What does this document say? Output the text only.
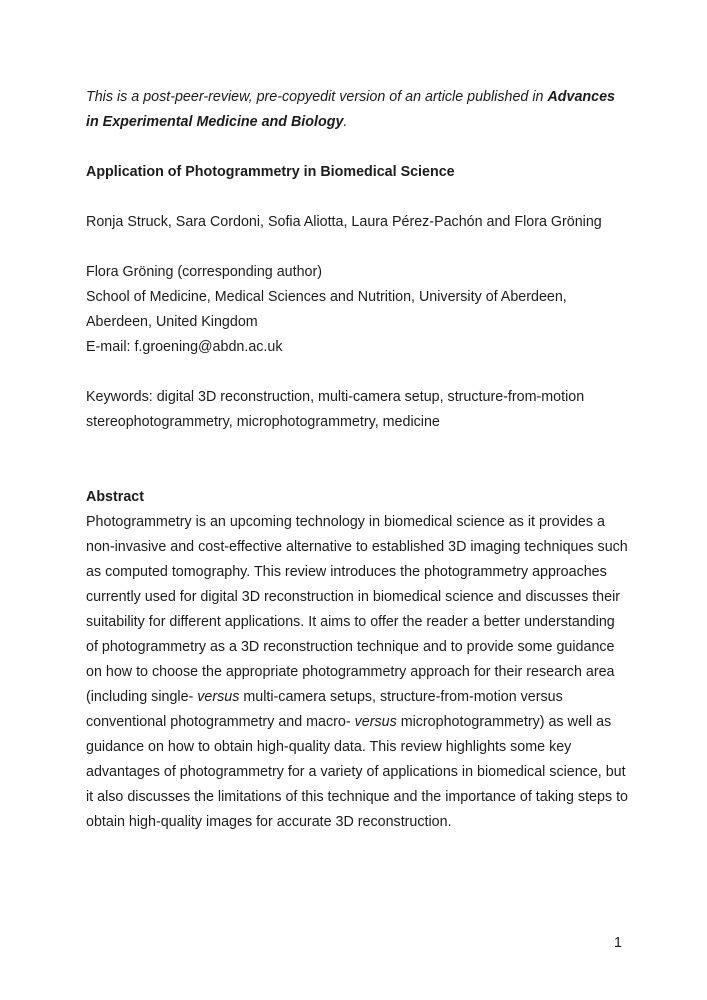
This is a post-peer-review, pre-copyedit version of an article published in Advances in Experimental Medicine and Biology.

Application of Photogrammetry in Biomedical Science

Ronja Struck, Sara Cordoni, Sofia Aliotta, Laura Pérez-Pachón and Flora Gröning

Flora Gröning (corresponding author)

School of Medicine, Medical Sciences and Nutrition, University of Aberdeen,

Aberdeen, United Kingdom

E-mail: f.groening@abdn.ac.uk

Keywords: digital 3D reconstruction, multi-camera setup, structure-from-motion stereophotogrammetry, microphotogrammetry, medicine

Abstract

Photogrammetry is an upcoming technology in biomedical science as it provides a non-invasive and cost-effective alternative to established 3D imaging techniques such as computed tomography. This review introduces the photogrammetry approaches currently used for digital 3D reconstruction in biomedical science and discusses their suitability for different applications. It aims to offer the reader a better understanding of photogrammetry as a 3D reconstruction technique and to provide some guidance on how to choose the appropriate photogrammetry approach for their research area (including single- versus multi-camera setups, structure-from-motion versus conventional photogrammetry and macro- versus microphotogrammetry) as well as guidance on how to obtain high-quality data. This review highlights some key advantages of photogrammetry for a variety of applications in biomedical science, but it also discusses the limitations of this technique and the importance of taking steps to obtain high-quality images for accurate 3D reconstruction.

1
